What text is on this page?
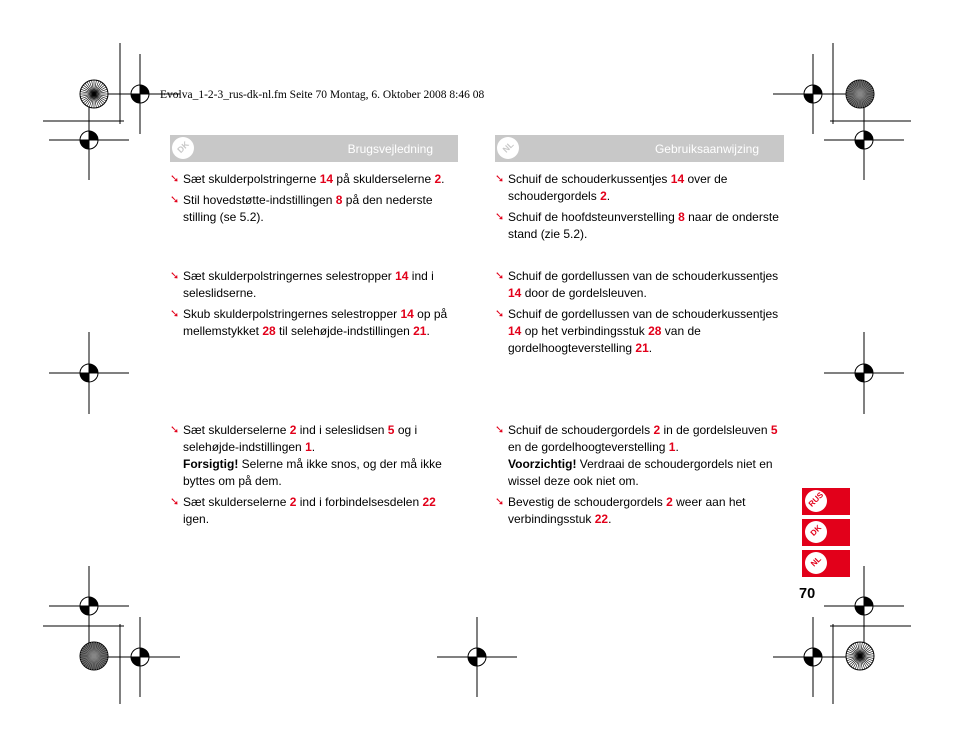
Evolva_1-2-3_rus-dk-nl.fm Seite 70 Montag, 6. Oktober 2008 8:46 08
DK	Brugsvejledning	NL	Gebruiksaanwijzing
➘ Sæt skulderpolstringerne 14 på skulderselerne 2.
➘ Stil hovedstøtte-indstillingen 8 på den nederste stilling (se 5.2).
➘ Sæt skulderpolstringernes selestropper 14 ind i seleslidserne.
➘ Skub skulderpolstringernes selestropper 14 op på mellemstykket 28 til selehøjde-indstillingen 21.
➘ Sæt skulderselerne 2 ind i seleslidsen 5 og i selehøjde-indstillingen 1.
Forsigtig! Selerne må ikke snos, og der må ikke byttes om på dem.
➘ Sæt skulderselerne 2 ind i forbindelsesdelen 22 igen.
➘ Schuif de schouderkussentjes 14 over de schoudergordels 2.
➘ Schuif de hoofdsteunverstelling 8 naar de onderste stand (zie 5.2).
➘ Schuif de gordellussen van de schouderkussentjes 14 door de gordelsleuven.
➘ Schuif de gordellussen van de schouderkussentjes 14 op het verbindingsstuk 28 van de gordelhoogteverstelling 21.
➘ Schuif de schoudergordels 2 in de gordelsleuven 5 en de gordelhoogteverstelling 1.
Voorzichtig! Verdraai de schoudergordels niet en wissel deze ook niet om.
➘ Bevestig de schoudergordels 2 weer aan het verbindingsstuk 22.
RUS
DK
NL
70
